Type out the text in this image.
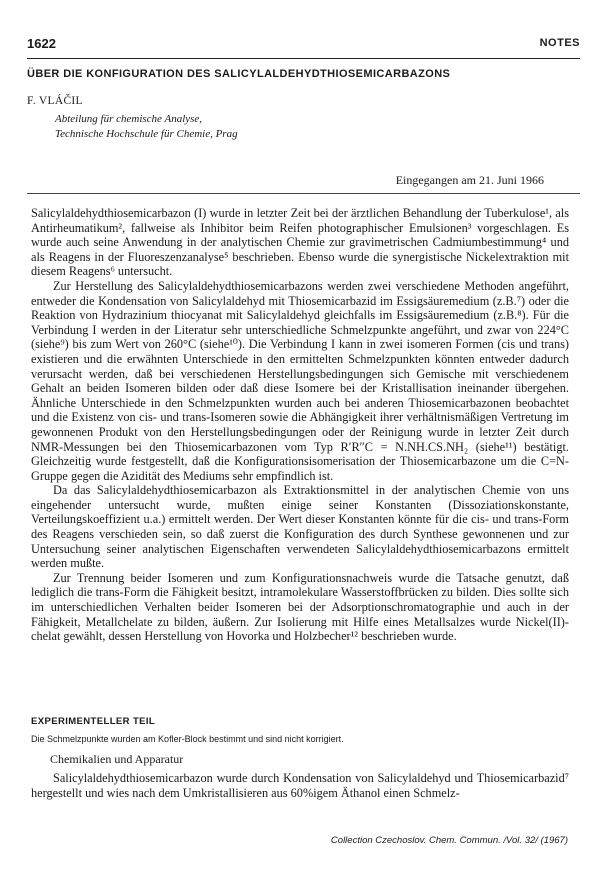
1622	NOTES
ÜBER DIE KONFIGURATION DES SALICYLALDEHYDTHIOSEMICARBAZONS
F. VLÁČIL
Abteilung für chemische Analyse,
Technische Hochschule für Chemie, Prag
Eingegangen am 21. Juni 1966

Salicylaldehydthiosemicarbazon (I) wurde in letzter Zeit bei der ärztlichen Behandlung der Tuberkulose¹, als Antirheumatikum², fallweise als Inhibitor beim Reifen photographischer Emulsionen³ vorgeschlagen. Es wurde auch seine Anwendung in der analytischen Chemie zur gravimetrischen Cadmiumbestimmung⁴ und als Reagens in der Fluoreszenzanalyse⁵ beschrieben. Ebenso wurde die synergistische Nickelextraktion mit diesem Reagens⁶ untersucht.

Zur Herstellung des Salicylaldehydthiosemicarbazons werden zwei verschiedene Methoden angeführt, entweder die Kondensation von Salicylaldehyd mit Thiosemicarbazid im Essigsäuremedium (z.B.⁷) oder die Reaktion von Hydrazinium thiocyanat mit Salicylaldehyd gleichfalls im Essigsäuremedium (z.B.⁸). Für die Verbindung I werden in der Literatur sehr unterschiedliche Schmelzpunkte angeführt, und zwar von 224°C (siehe⁹) bis zum Wert von 260°C (siehe¹⁰). Die Verbindung I kann in zwei isomeren Formen (cis und trans) existieren und die erwähnten Unterschiede in den ermittelten Schmelzpunkten könnten entweder dadurch verursacht werden, daß bei verschiedenen Herstellungsbedingungen sich Gemische mit verschiedenem Gehalt an beiden Isomeren bilden oder daß diese Isomere bei der Kristallisation ineinander übergehen. Ähnliche Unterschiede in den Schmelzpunkten wurden auch bei anderen Thiosemicarbazonen beobachtet und die Existenz von cis- und trans-Isomeren sowie die Abhängigkeit ihrer verhältnismäßigen Vertretung im gewonnenen Produkt von den Herstellungsbedingungen oder der Reinigung wurde in letzter Zeit durch NMR-Messungen bei den Thiosemicarbazonen vom Typ R′R″C = N.NH.CS.NH₂ (siehe¹¹) bestätigt. Gleichzeitig wurde festgestellt, daß die Konfigurationsisomerisation der Thiosemicarbazone um die C=N-Gruppe gegen die Azidität des Mediums sehr empfindlich ist.

Da das Salicylaldehydthiosemicarbazon als Extraktionsmittel in der analytischen Chemie von uns eingehender untersucht wurde, mußten einige seiner Konstanten (Dissoziationskonstante, Verteilungskoeffizient u.a.) ermittelt werden. Der Wert dieser Konstanten könnte für die cis- und trans-Form des Reagens verschieden sein, so daß zuerst die Konfiguration des durch Synthese gewonnenen und zur Untersuchung seiner analytischen Eigenschaften verwendeten Salicylaldehydthiosemicarbazons ermittelt werden mußte.

Zur Trennung beider Isomeren und zum Konfigurationsnachweis wurde die Tatsache genutzt, daß lediglich die trans-Form die Fähigkeit besitzt, intramolekulare Wasserstoffbrücken zu bilden. Dies sollte sich im unterschiedlichen Verhalten beider Isomeren bei der Adsorptionschromatographie und auch in der Fähigkeit, Metallchelate zu bilden, äußern. Zur Isolierung mit Hilfe eines Metallsalzes wurde Nickel(II)-chelat gewählt, dessen Herstellung von Hovorka und Holzbecher¹² beschrieben wurde.

EXPERIMENTELLER TEIL
Die Schmelzpunkte wurden am Kofler-Block bestimmt und sind nicht korrigiert.
Chemikalien und Apparatur

Salicylaldehydthiosemicarbazon wurde durch Kondensation von Salicylaldehyd und Thiosemicarbazid⁷ hergestellt und wies nach dem Umkristallisieren aus 60%igem Äthanol einen Schmelz-

Collection Czechoslov. Chem. Commun. /Vol. 32/ (1967)
